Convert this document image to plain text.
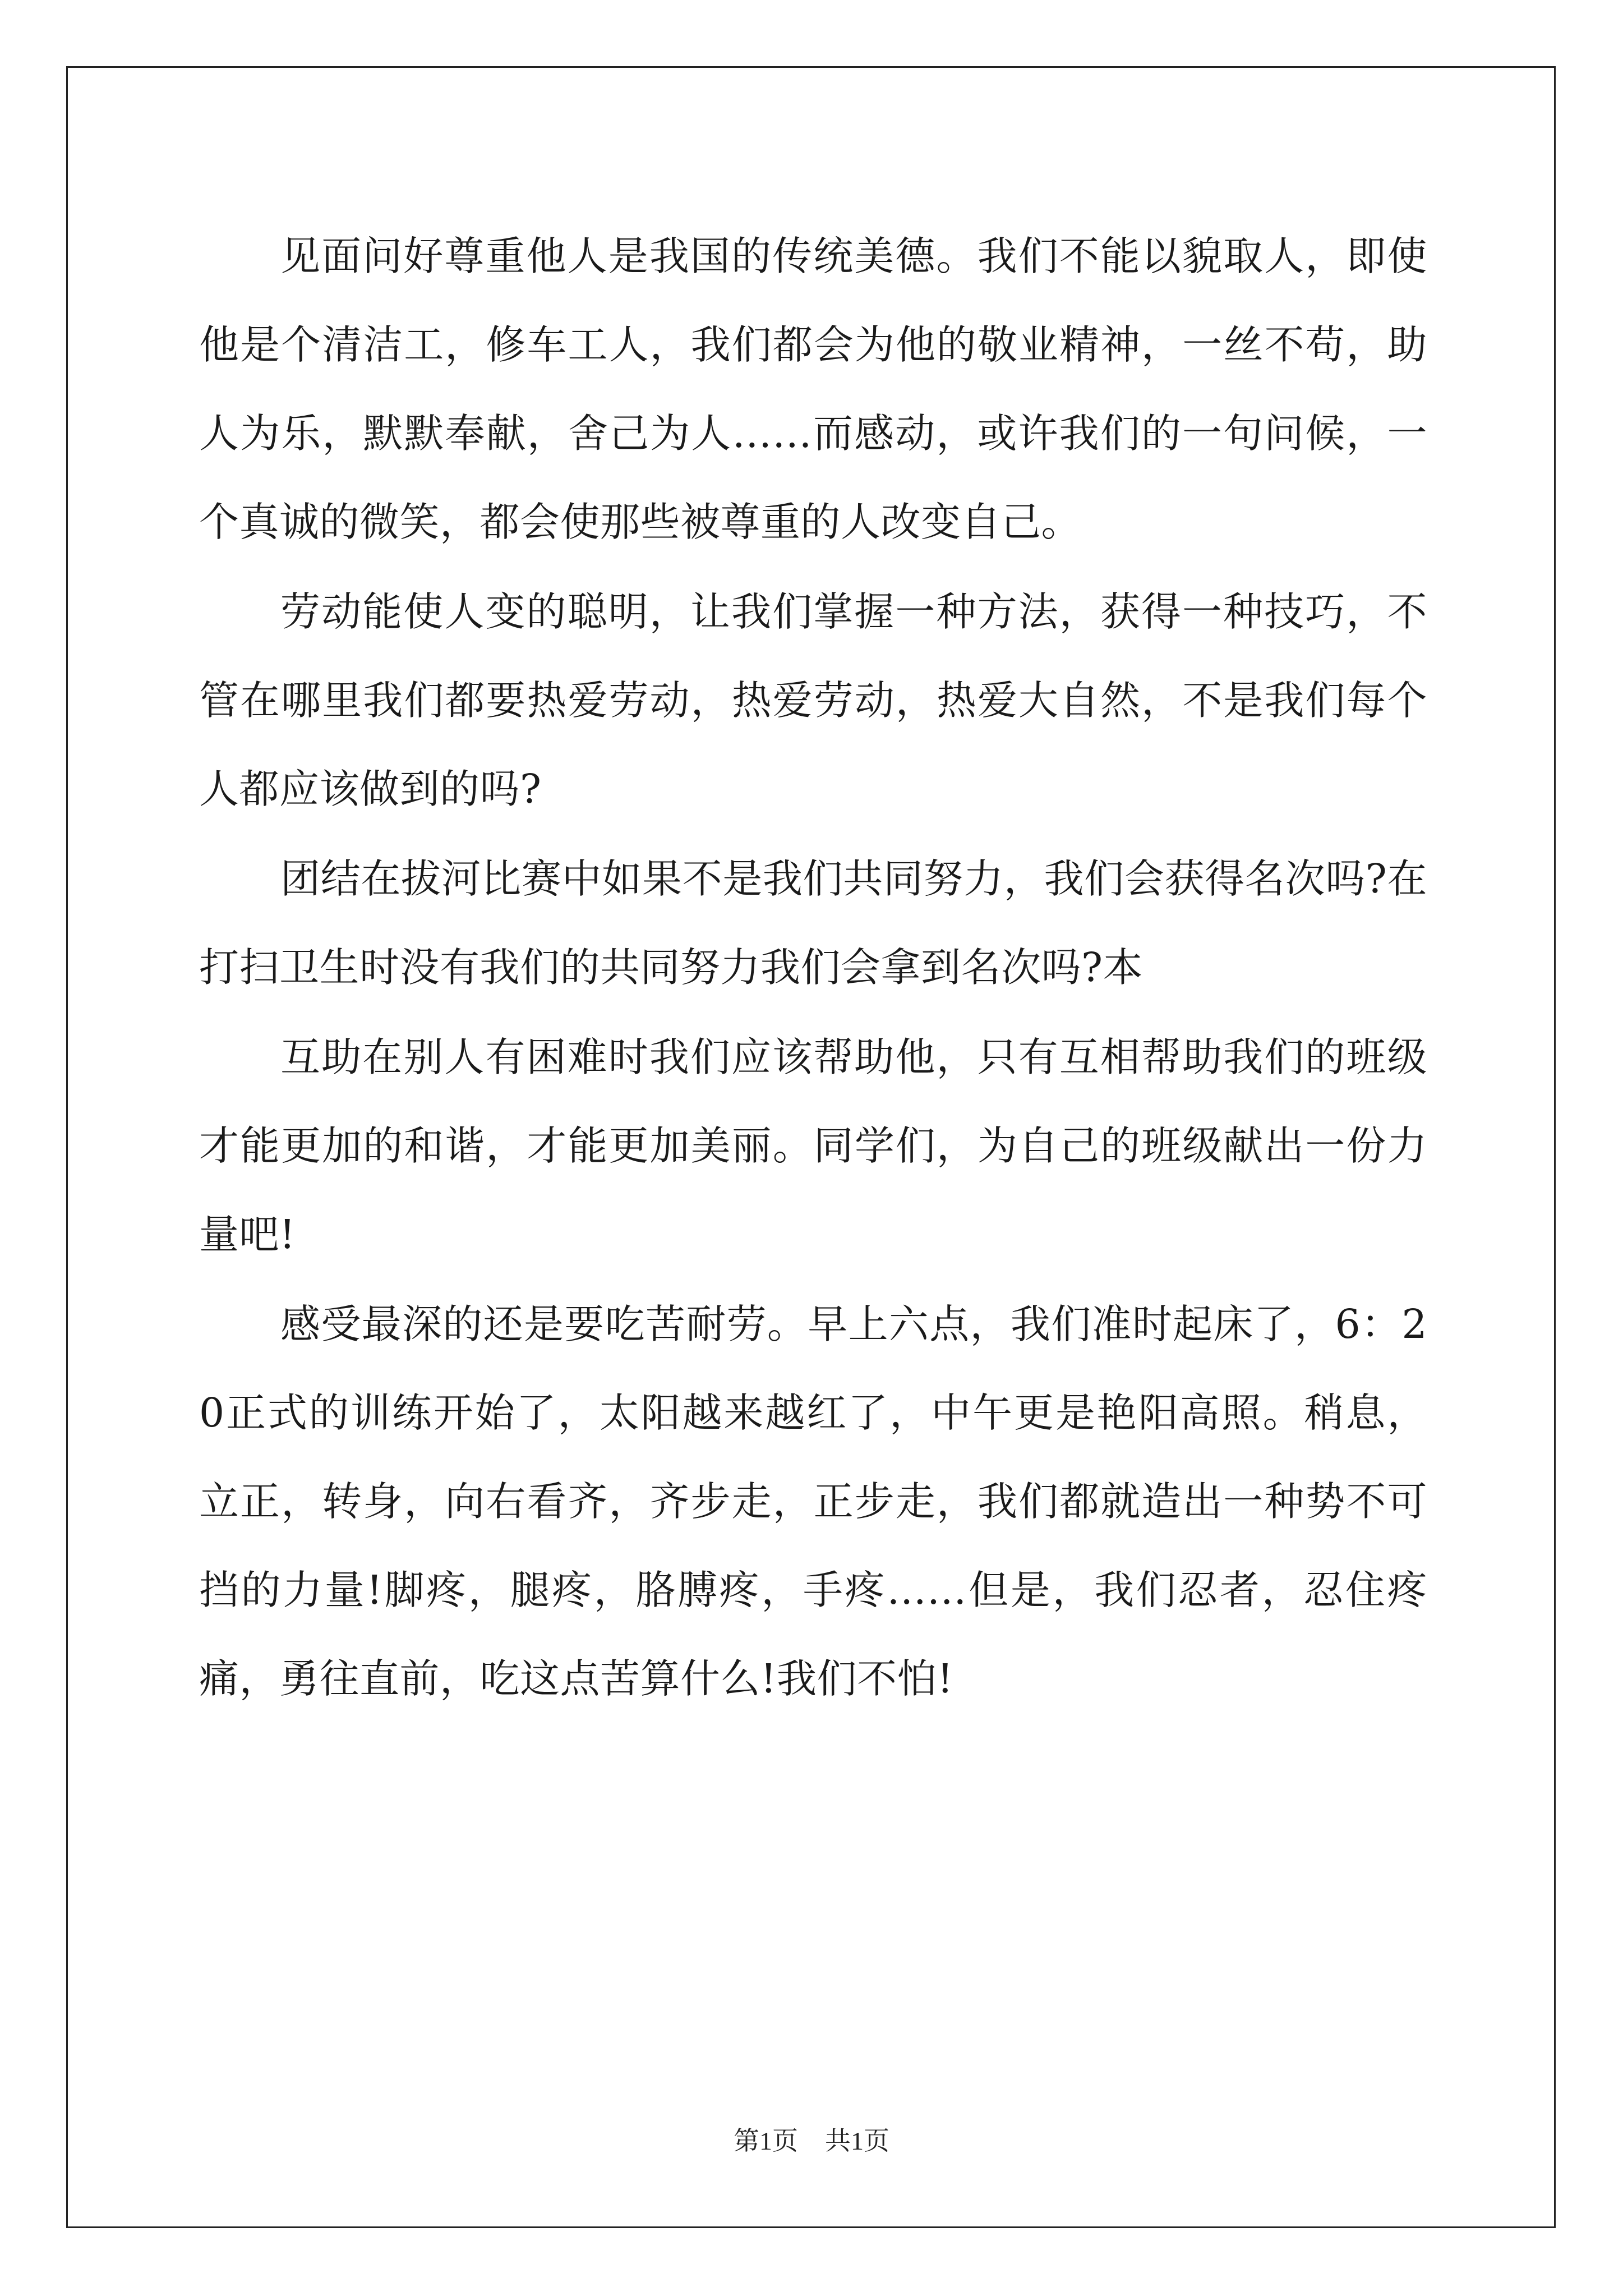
见面问好尊重他人是我国的传统美德。我们不能以貌取人，即使他是个清洁工，修车工人，我们都会为他的敬业精神，一丝不苟，助人为乐，默默奉献，舍己为人……而感动，或许我们的一句问候，一个真诚的微笑，都会使那些被尊重的人改变自己。

劳动能使人变的聪明，让我们掌握一种方法，获得一种技巧，不管在哪里我们都要热爱劳动，热爱劳动，热爱大自然，不是我们每个人都应该做到的吗?

团结在拔河比赛中如果不是我们共同努力，我们会获得名次吗?在打扫卫生时没有我们的共同努力我们会拿到名次吗?本

互助在别人有困难时我们应该帮助他，只有互相帮助我们的班级才能更加的和谐，才能更加美丽。同学们，为自己的班级献出一份力量吧!

感受最深的还是要吃苦耐劳。早上六点，我们准时起床了，6：20正式的训练开始了，太阳越来越红了，中午更是艳阳高照。稍息，立正，转身，向右看齐，齐步走，正步走，我们都就造出一种势不可挡的力量!脚疼，腿疼，胳膊疼，手疼……但是，我们忍者，忍住疼痛，勇往直前，吃这点苦算什么!我们不怕!

第1页 共1页
